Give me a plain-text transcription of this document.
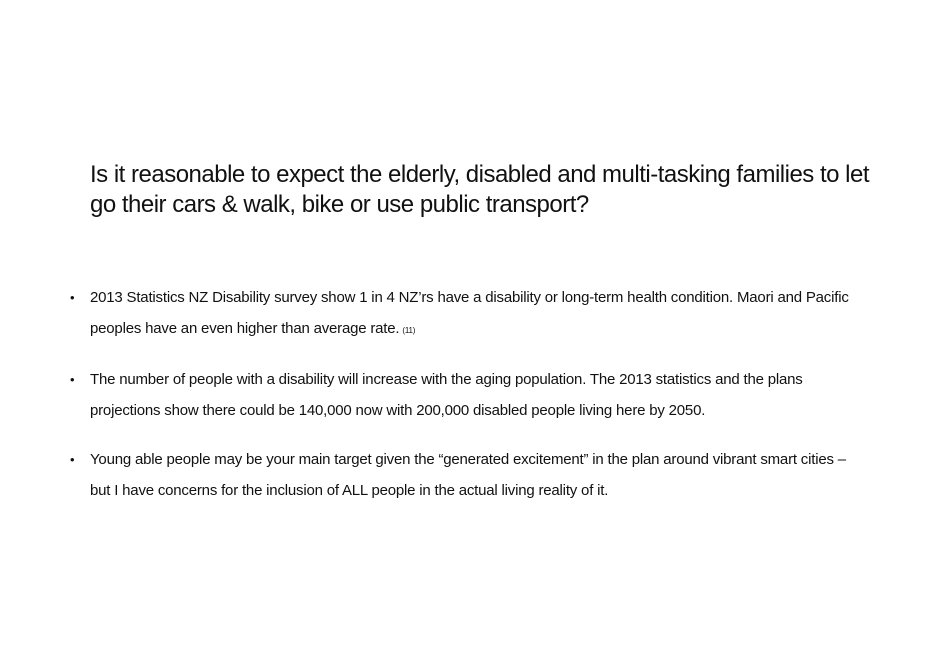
Is it reasonable to expect the elderly, disabled and multi-tasking families to let go their cars & walk, bike or use public transport?
• 2013 Statistics NZ Disability survey show 1 in 4 NZ’rs have a disability or long-term health condition. Maori and Pacific peoples have an even higher than average rate. (11)
• The number of people with a disability will increase with the aging population. The 2013 statistics and the plans projections show there could be 140,000 now with 200,000 disabled people living here by 2050.
• Young able people may be your main target given the “generated excitement” in the plan around vibrant smart cities – but I have concerns for the inclusion of ALL people in the actual living reality of it.
